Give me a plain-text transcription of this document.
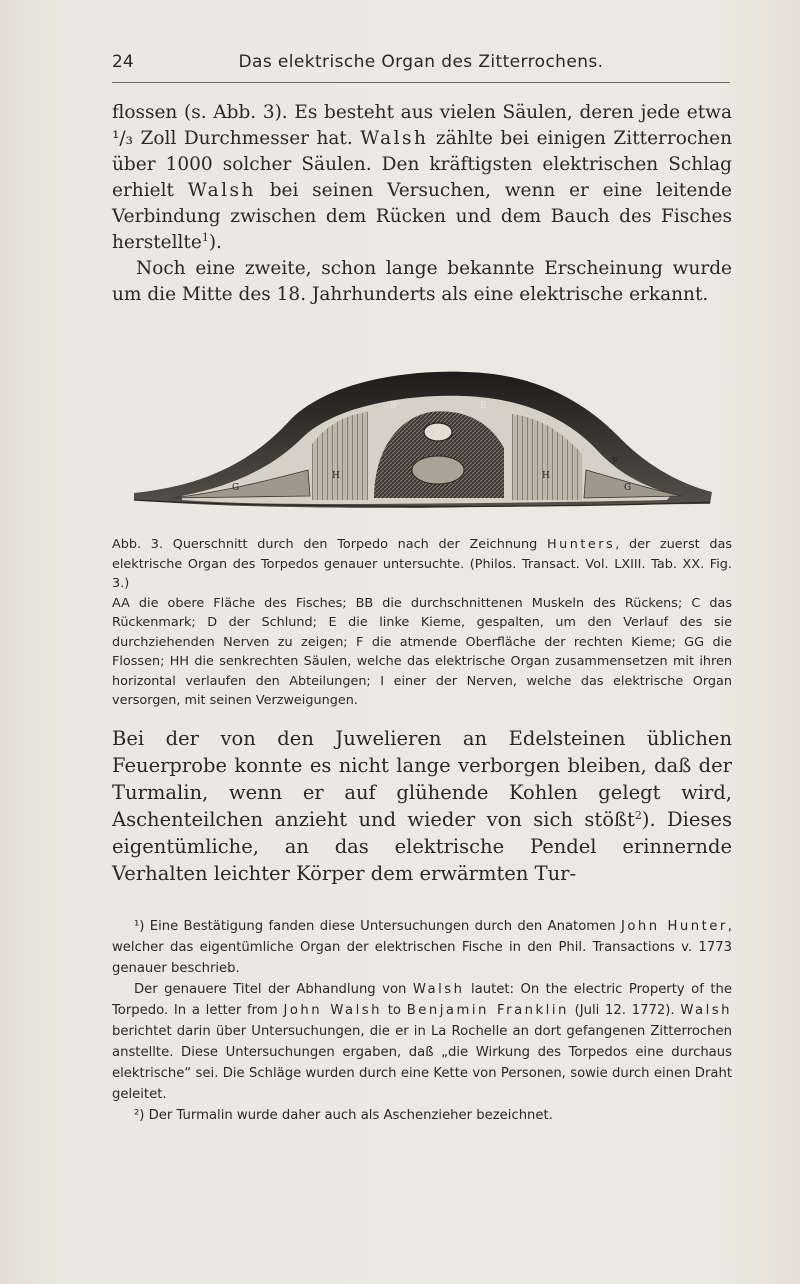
24	Das elektrische Organ des Zitterrochens.

flossen (s. Abb. 3). Es besteht aus vielen Säulen, deren jede etwa ¹/₃ Zoll Durchmesser hat. Walsh zählte bei einigen Zitterrochen über 1000 solcher Säulen. Den kräftigsten elektrischen Schlag erhielt Walsh bei seinen Versuchen, wenn er eine leitende Verbindung zwischen dem Rücken und dem Bauch des Fisches herstellte$^1$).

Noch eine zweite, schon lange bekannte Erscheinung wurde um die Mitte des 18. Jahrhunderts als eine elektrische erkannt.

B	B
H	H
G	G
F

Abb. 3. Querschnitt durch den Torpedo nach der Zeichnung Hunters, der zuerst das elektrische Organ des Torpedos genauer untersuchte. (Philos. Transact. Vol. LXIII. Tab. XX. Fig. 3.)

AA die obere Fläche des Fisches; BB die durchschnittenen Muskeln des Rückens; C das Rückenmark; D der Schlund; E die linke Kieme, gespalten, um den Verlauf des sie durchziehenden Nerven zu zeigen; F die atmende Oberfläche der rechten Kieme; GG die Flossen; HH die senkrechten Säulen, welche das elektrische Organ zusammensetzen mit ihren horizontal verlaufen den Abteilungen; I einer der Nerven, welche das elektrische Organ versorgen, mit seinen Verzweigungen.

Bei der von den Juwelieren an Edelsteinen üblichen Feuerprobe konnte es nicht lange verborgen bleiben, daß der Turmalin, wenn er auf glühende Kohlen gelegt wird, Aschenteilchen anzieht und wieder von sich stößt$^2$). Dieses eigentümliche, an das elektrische Pendel erinnernde Verhalten leichter Körper dem erwärmten Tur-

¹) Eine Bestätigung fanden diese Untersuchungen durch den Anatomen John Hunter, welcher das eigentümliche Organ der elektrischen Fische in den Phil. Transactions v. 1773 genauer beschrieb.

Der genauere Titel der Abhandlung von Walsh lautet: On the electric Property of the Torpedo. In a letter from John Walsh to Benjamin Franklin (Juli 12. 1772). Walsh berichtet darin über Untersuchungen, die er in La Rochelle an dort gefangenen Zitterrochen anstellte. Diese Untersuchungen ergaben, daß „die Wirkung des Torpedos eine durchaus elektrische“ sei. Die Schläge wurden durch eine Kette von Personen, sowie durch einen Draht geleitet.

²) Der Turmalin wurde daher auch als Aschenzieher bezeichnet.
